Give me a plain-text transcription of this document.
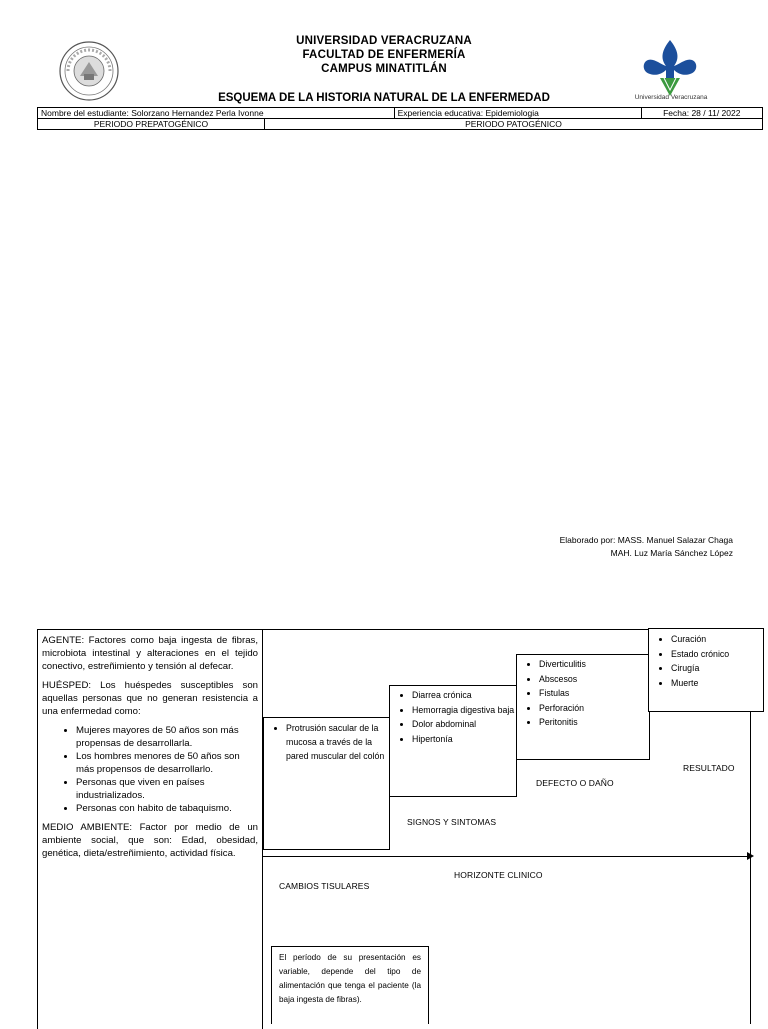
UNIVERSIDAD VERACRUZANA
FACULTAD DE ENFERMERÍA
CAMPUS MINATITLÁN
Universidad Veracruzana
ESQUEMA DE LA HISTORIA NATURAL DE LA ENFERMEDAD
Nombre del estudiante: Solorzano Hernandez Perla Ivonne		Experiencia educativa: Epidemiologia	Fecha: 28 / 11/ 2022
PERIODO PREPATOGÉNICO	PERIODO PATOGÉNICO		
Elaborado por: MASS. Manuel Salazar Chaga
MAH. Luz María Sánchez López

AGENTE: Factores como baja ingesta de fibras, microbiota intestinal y alteraciones en el tejido conectivo, estreñimiento y tensión al defecar.

HUÉSPED: Los huéspedes susceptibles son aquellas personas que no generan resistencia a una enfermedad como:

• Mujeres mayores de 50 años son más propensas de desarrollarla.
• Los hombres menores de 50 años son más propensos de desarrollarlo.
• Personas que viven en países industrializados.
• Personas con habito de tabaquismo.

MEDIO AMBIENTE: Factor por medio de un ambiente social, que son: Edad, obesidad, genética, dieta/estreñimiento, actividad física.

• Protrusión sacular de la mucosa a través de la pared muscular del colón
• Diarrea crónica
• Hemorragia digestiva baja
• Dolor abdominal
• Hipertonía
• Diverticulitis
• Abscesos
• Fistulas
• Perforación
• Peritonitis
• Curación
• Estado crónico
• Cirugía
• Muerte
SIGNOS Y SINTOMAS
DEFECTO O DAÑO
RESULTADO
HORIZONTE CLINICO
CAMBIOS TISULARES
El período de su presentación es variable, depende del tipo de alimentación que tenga el paciente (la baja ingesta de fibras).
